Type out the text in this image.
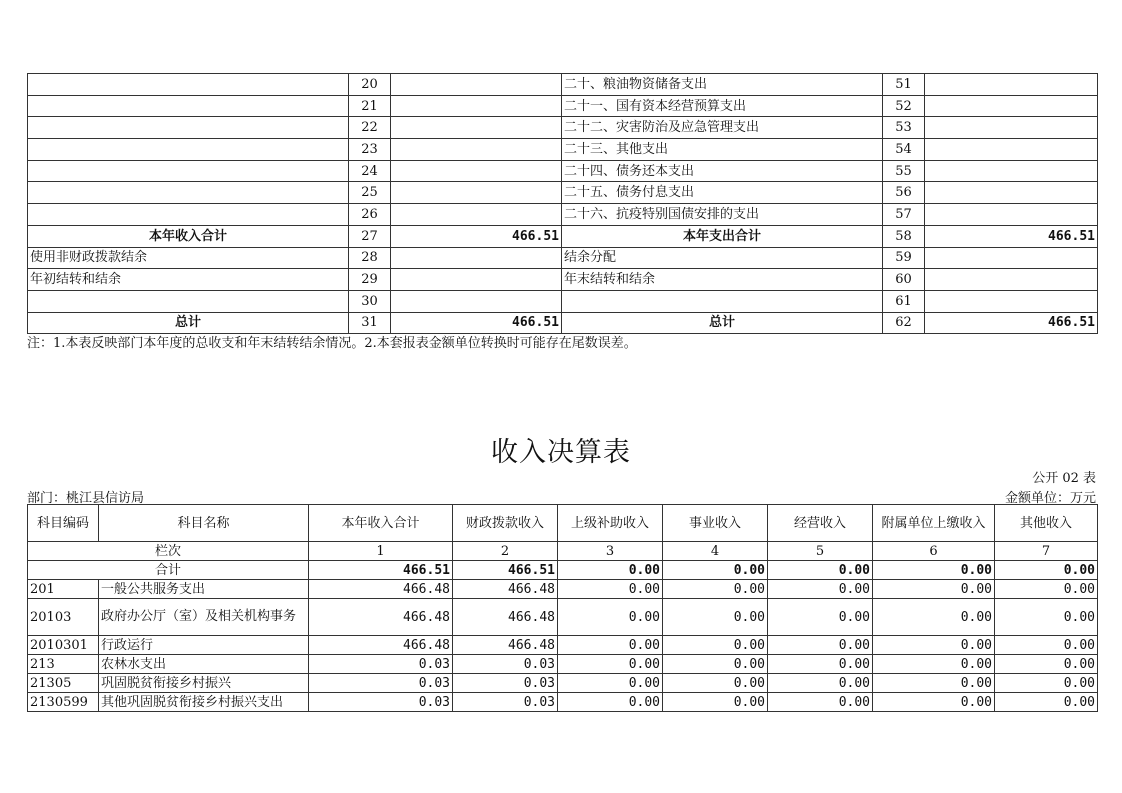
	20		二十、粮油物资储备支出	51	
	21		二十一、国有资本经营预算支出	52	
	22		二十二、灾害防治及应急管理支出	53	
	23		二十三、其他支出	54	
	24		二十四、债务还本支出	55	
	25		二十五、债务付息支出	56	
	26		二十六、抗疫特别国债安排的支出	57	
本年收入合计	27	466.51	本年支出合计	58	466.51
使用非财政拨款结余	28		结余分配	59	
年初结转和结余	29		年末结转和结余	60	
	30			61	
总计	31	466.51	总计	62	466.51
注：1.本表反映部门本年度的总收支和年末结转结余情况。2.本套报表金额单位转换时可能存在尾数误差。
收入决算表
公开 02 表
部门：桃江县信访局	金额单位：万元
科目编码	科目名称	本年收入合计	财政拨款收入	上级补助收入	事业收入	经营收入	附属单位上缴收入	其他收入
栏次		1	2	3	4	5	6	7
合计		466.51	466.51	0.00	0.00	0.00	0.00	0.00
201	一般公共服务支出	466.48	466.48	0.00	0.00	0.00	0.00	0.00
20103	政府办公厅（室）及相关机构事务	466.48	466.48	0.00	0.00	0.00	0.00	0.00
2010301	行政运行	466.48	466.48	0.00	0.00	0.00	0.00	0.00
213	农林水支出	0.03	0.03	0.00	0.00	0.00	0.00	0.00
21305	巩固脱贫衔接乡村振兴	0.03	0.03	0.00	0.00	0.00	0.00	0.00
2130599	其他巩固脱贫衔接乡村振兴支出	0.03	0.03	0.00	0.00	0.00	0.00	0.00
